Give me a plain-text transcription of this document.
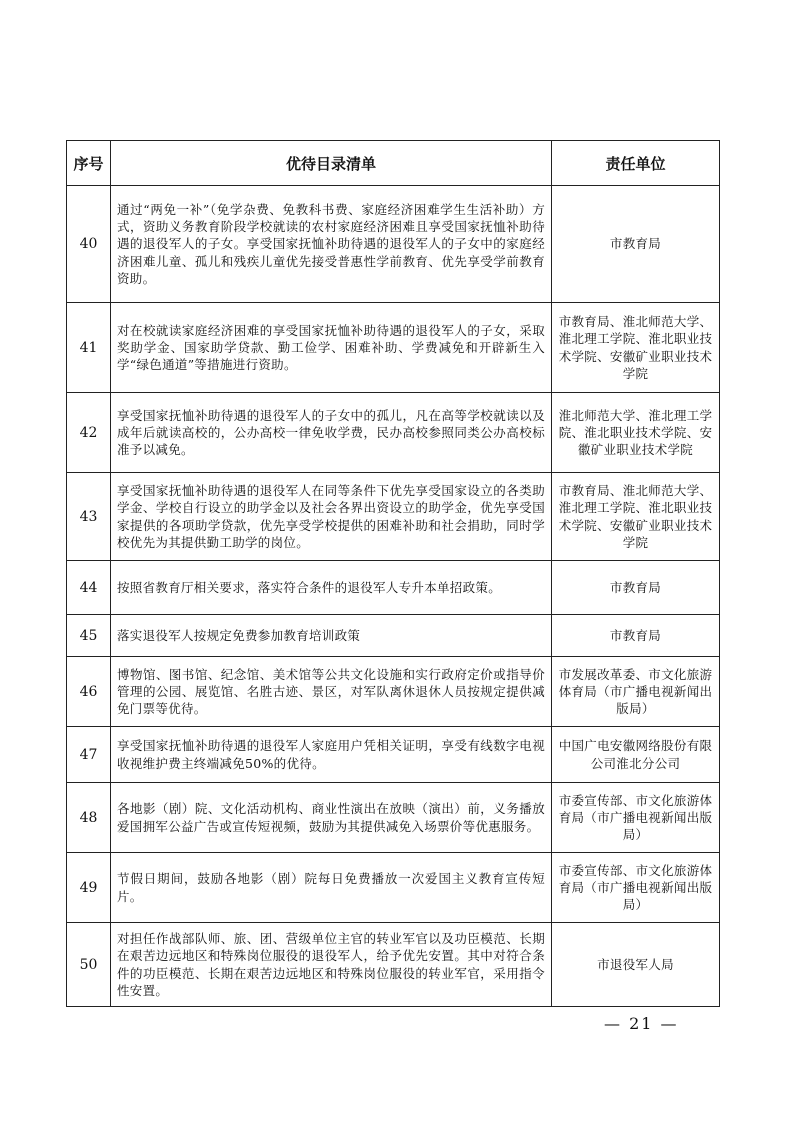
序号	优待目录清单	责任单位
40	通过“两免一补”（免学杂费、免教科书费、家庭经济困难学生生活补助）方式，资助义务教育阶段学校就读的农村家庭经济困难且享受国家抚恤补助待遇的退役军人的子女。享受国家抚恤补助待遇的退役军人的子女中的家庭经济困难儿童、孤儿和残疾儿童优先接受普惠性学前教育、优先享受学前教育资助。	市教育局
41	对在校就读家庭经济困难的享受国家抚恤补助待遇的退役军人的子女，采取奖助学金、国家助学贷款、勤工俭学、困难补助、学费减免和开辟新生入学“绿色通道”等措施进行资助。	市教育局、淮北师范大学、淮北理工学院、淮北职业技术学院、安徽矿业职业技术学院
42	享受国家抚恤补助待遇的退役军人的子女中的孤儿，凡在高等学校就读以及成年后就读高校的，公办高校一律免收学费，民办高校参照同类公办高校标准予以减免。	淮北师范大学、淮北理工学院、淮北职业技术学院、安徽矿业职业技术学院
43	享受国家抚恤补助待遇的退役军人在同等条件下优先享受国家设立的各类助学金、学校自行设立的助学金以及社会各界出资设立的助学金，优先享受国家提供的各项助学贷款，优先享受学校提供的困难补助和社会捐助，同时学校优先为其提供勤工助学的岗位。	市教育局、淮北师范大学、淮北理工学院、淮北职业技术学院、安徽矿业职业技术学院
44	按照省教育厅相关要求，落实符合条件的退役军人专升本单招政策。	市教育局
45	落实退役军人按规定免费参加教育培训政策	市教育局
46	博物馆、图书馆、纪念馆、美术馆等公共文化设施和实行政府定价或指导价管理的公园、展览馆、名胜古迹、景区，对军队离休退休人员按规定提供减免门票等优待。	市发展改革委、市文化旅游体育局（市广播电视新闻出版局）
47	享受国家抚恤补助待遇的退役军人家庭用户凭相关证明，享受有线数字电视收视维护费主终端减免50%的优待。	中国广电安徽网络股份有限公司淮北分公司
48	各地影（剧）院、文化活动机构、商业性演出在放映（演出）前，义务播放爱国拥军公益广告或宣传短视频，鼓励为其提供减免入场票价等优惠服务。	市委宣传部、市文化旅游体育局（市广播电视新闻出版局）
49	节假日期间，鼓励各地影（剧）院每日免费播放一次爱国主义教育宣传短片。	市委宣传部、市文化旅游体育局（市广播电视新闻出版局）
50	对担任作战部队师、旅、团、营级单位主官的转业军官以及功臣模范、长期在艰苦边远地区和特殊岗位服役的退役军人，给予优先安置。其中对符合条件的功臣模范、长期在艰苦边远地区和特殊岗位服役的转业军官，采用指令性安置。	市退役军人局
— 21 —
